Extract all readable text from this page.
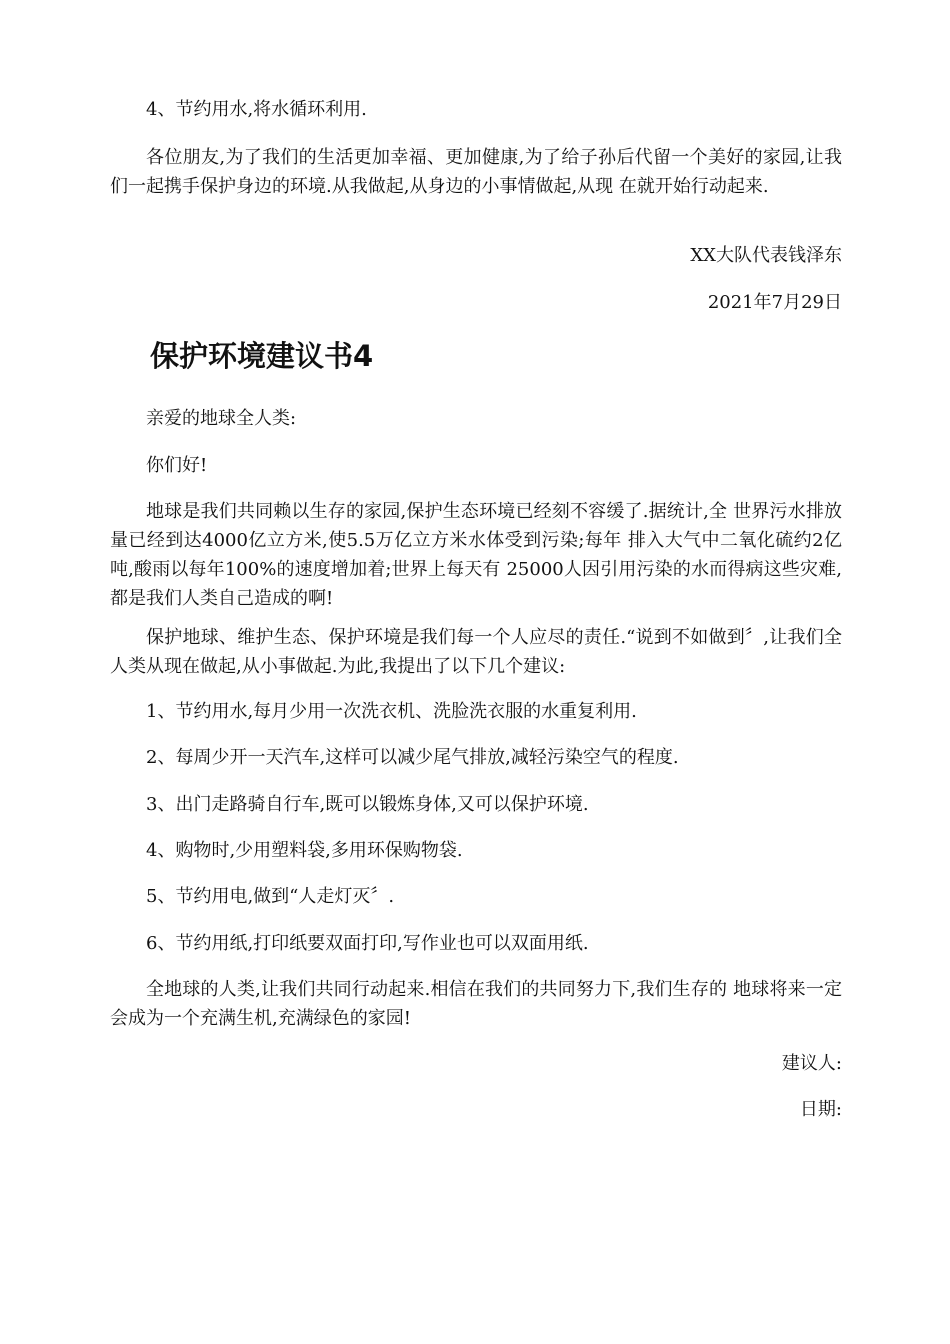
4、节约用水,将水循环利用.

各位朋友,为了我们的生活更加幸福、更加健康,为了给子孙后代留一个美好的家园,让我们一起携手保护身边的环境.从我做起,从身边的小事情做起,从现 在就开始行动起来.

XX大队代表钱泽东

2021年7月29日

保护环境建议书4

亲爱的地球全人类:

你们好!

地球是我们共同赖以生存的家园,保护生态环境已经刻不容缓了.据统计,全 世界污水排放量已经到达4000亿立方米,使5.5万亿立方米水体受到污染;每年 排入大气中二氧化硫约2亿吨,酸雨以每年100%的速度增加着;世界上每天有 25000人因引用污染的水而得病这些灾难,都是我们人类自己造成的啊!

保护地球、维护生态、保护环境是我们每一个人应尽的责任.“说到不如做到〞,让我们全人类从现在做起,从小事做起.为此,我提出了以下几个建议:

1、节约用水,每月少用一次洗衣机、洗脸洗衣服的水重复利用.

2、每周少开一天汽车,这样可以减少尾气排放,减轻污染空气的程度.

3、出门走路骑自行车,既可以锻炼身体,又可以保护环境.

4、购物时,少用塑料袋,多用环保购物袋.

5、节约用电,做到“人走灯灭〞.

6、节约用纸,打印纸要双面打印,写作业也可以双面用纸.

全地球的人类,让我们共同行动起来.相信在我们的共同努力下,我们生存的 地球将来一定会成为一个充满生机,充满绿色的家园!

建议人:

日期:
